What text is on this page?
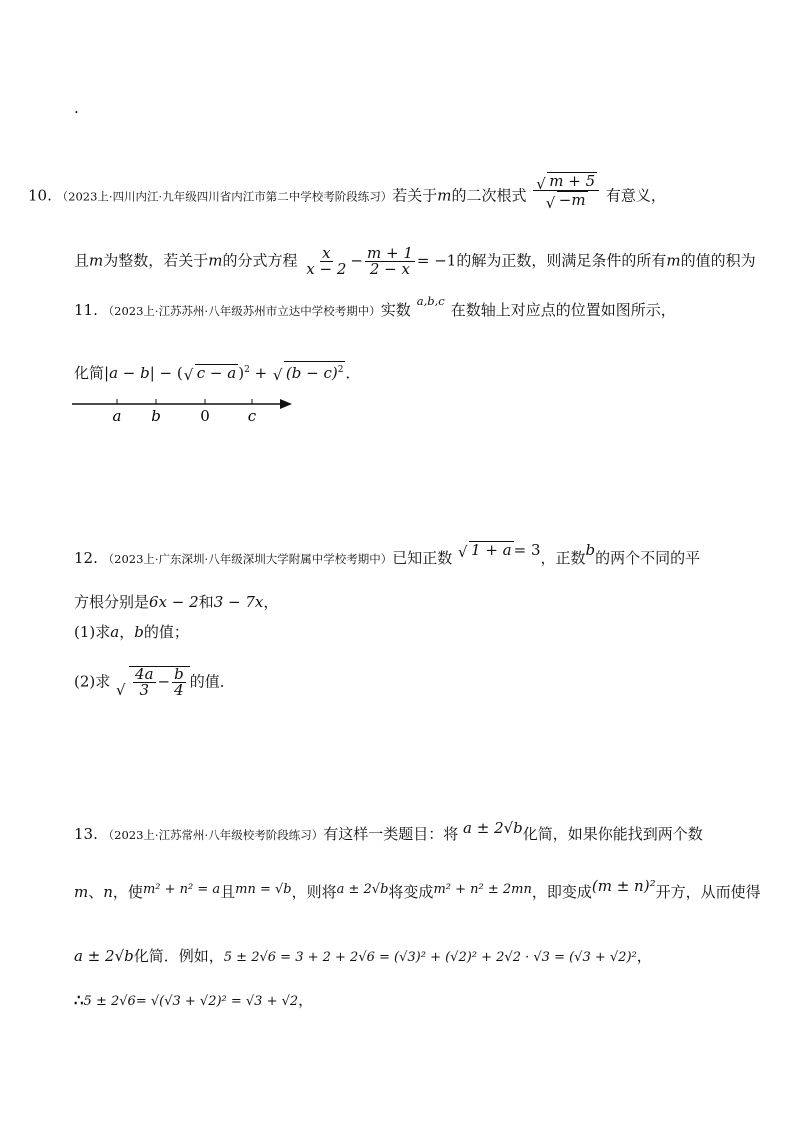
.
10. （2023上·四川内江·九年级四川省内江市第二中学校考阶段练习）若关于m的二次根式 √ m + 5
√ −m 有意义，
且m为整数，若关于m的分式方程 $\frac{x}{x - 2} - \frac{m + 1}{2 - x} = -1$的解为正数，则满足条件的所有m的值的积为
11. （2023上·江苏苏州·八年级苏州市立达中学校考期中）实数 $^{a,b,c}$ 在数轴上对应点的位置如图所示，
化简|a − b| − ( √ c − a )$^2$ + √ $(b - c)^2$ ．
a b	0	c
12. （2023上·广东深圳·八年级深圳大学附属中学校考期中）已知正数 √ 1 + a = 3，正数b的两个不同的平
方根分别是6x − 2和3 − 7x，
(1)求a，b的值；
(2)求 √ $\frac{4a}{3} - \frac{b}{4}$ 的值．
13. （2023上·江苏常州·八年级校考阶段练习）有这样一类题目：将 a ± 2√b化简，如果你能找到两个数
m、n，使m² + n² = a且mn = √b，则将a ± 2√b将变成m² + n² ± 2mn，即变成(m ± n)²开方，从而使得
a ± 2√b化简．例如，5 ± 2√6 = 3 + 2 + 2√6 = (√3)² + (√2)² + 2√2 · √3 = (√3 + √2)²，
∴5 ± 2√6= √(√3 + √2)² = √3 + √2，
